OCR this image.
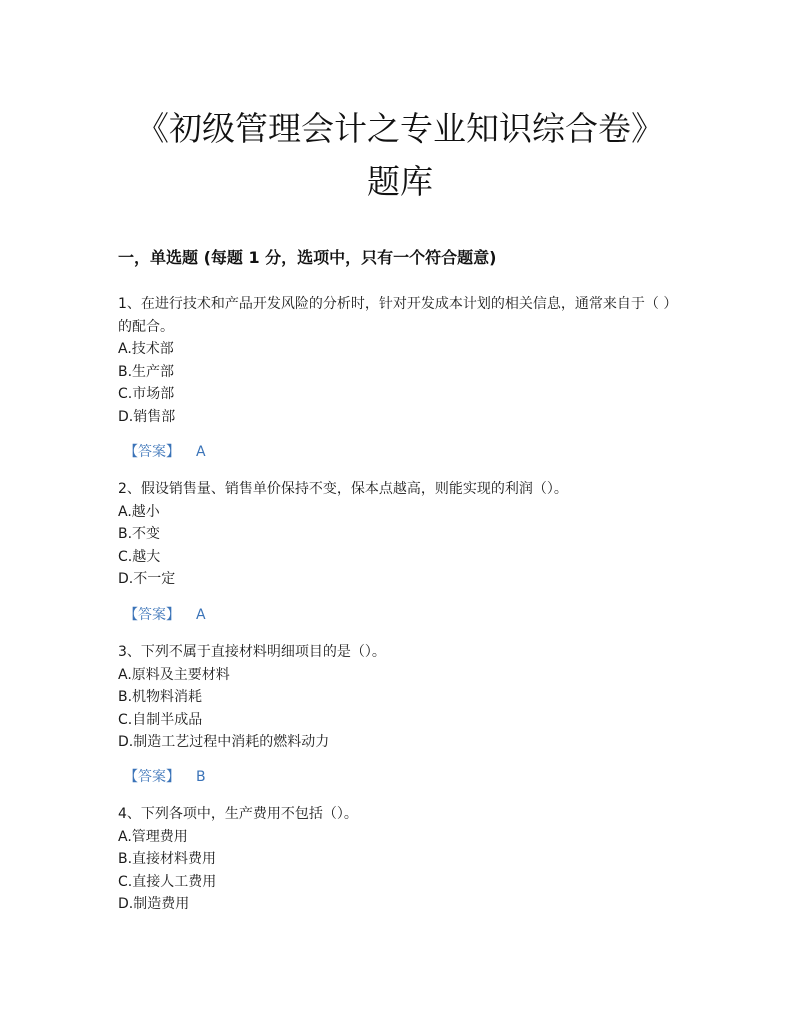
《初级管理会计之专业知识综合卷》
题库
一，单选题 (每题 1 分，选项中，只有一个符合题意)
1、在进行技术和产品开发风险的分析时，针对开发成本计划的相关信息，通常来自于（ ）的配合。
A.技术部
B.生产部
C.市场部
D.销售部
【答案】 A
2、假设销售量、销售单价保持不变，保本点越高，则能实现的利润（）。
A.越小
B.不变
C.越大
D.不一定
【答案】 A
3、下列不属于直接材料明细项目的是（）。
A.原料及主要材料
B.机物料消耗
C.自制半成品
D.制造工艺过程中消耗的燃料动力
【答案】 B
4、下列各项中，生产费用不包括（）。
A.管理费用
B.直接材料费用
C.直接人工费用
D.制造费用
